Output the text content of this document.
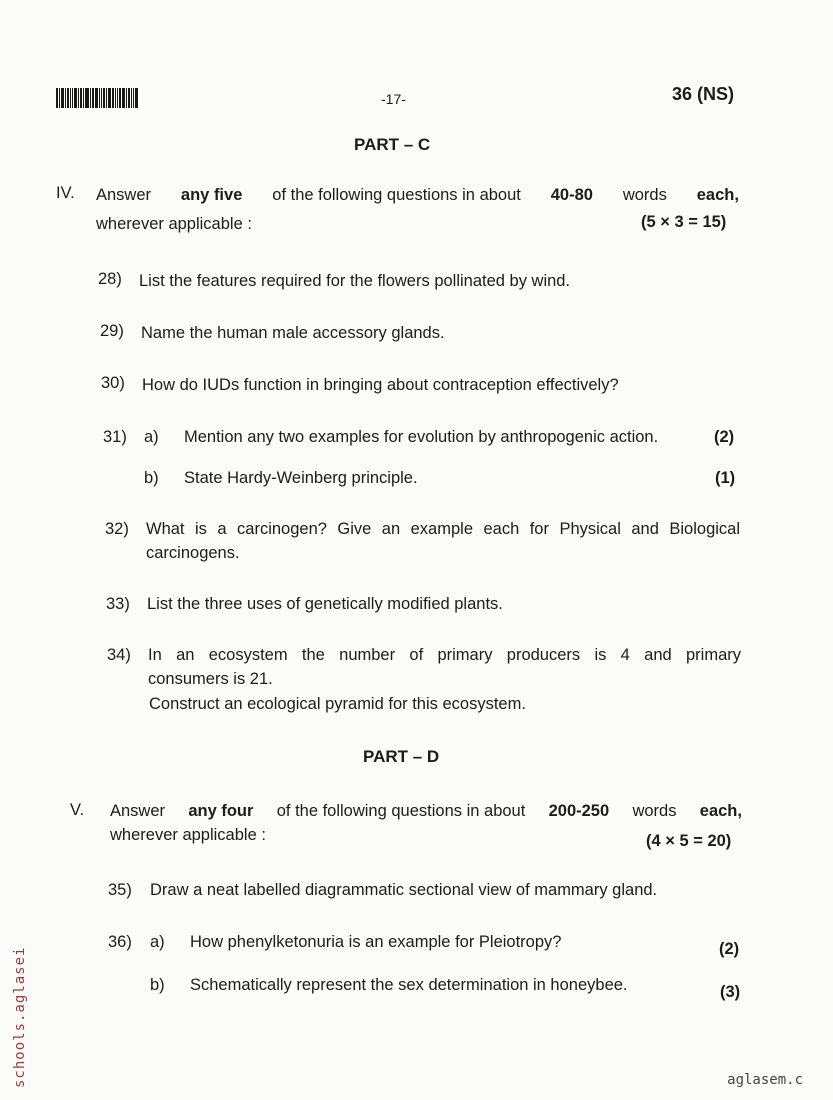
-17-	36 (NS)
PART – C
IV. Answer any five of the following questions in about 40-80 words each,
wherever applicable :	(5 × 3 = 15)
28) List the features required for the flowers pollinated by wind.
29) Name the human male accessory glands.
30) How do IUDs function in bringing about contraception effectively?
31) a) Mention any two examples for evolution by anthropogenic action.	(2)
b) State Hardy-Weinberg principle.	(1)
32) What is a carcinogen? Give an example each for Physical and Biological
carcinogens.
33) List the three uses of genetically modified plants.
34) In an ecosystem the number of primary producers is 4 and primary
consumers is 21.
Construct an ecological pyramid for this ecosystem.
PART – D
V. Answer any four of the following questions in about 200-250 words each,
wherever applicable :	(4 × 5 = 20)
35) Draw a neat labelled diagrammatic sectional view of mammary gland.
36) a) How phenylketonuria is an example for Pleiotropy?	(2)
b) Schematically represent the sex determination in honeybee.	(3)
schools.aglasei	aglasem.c
